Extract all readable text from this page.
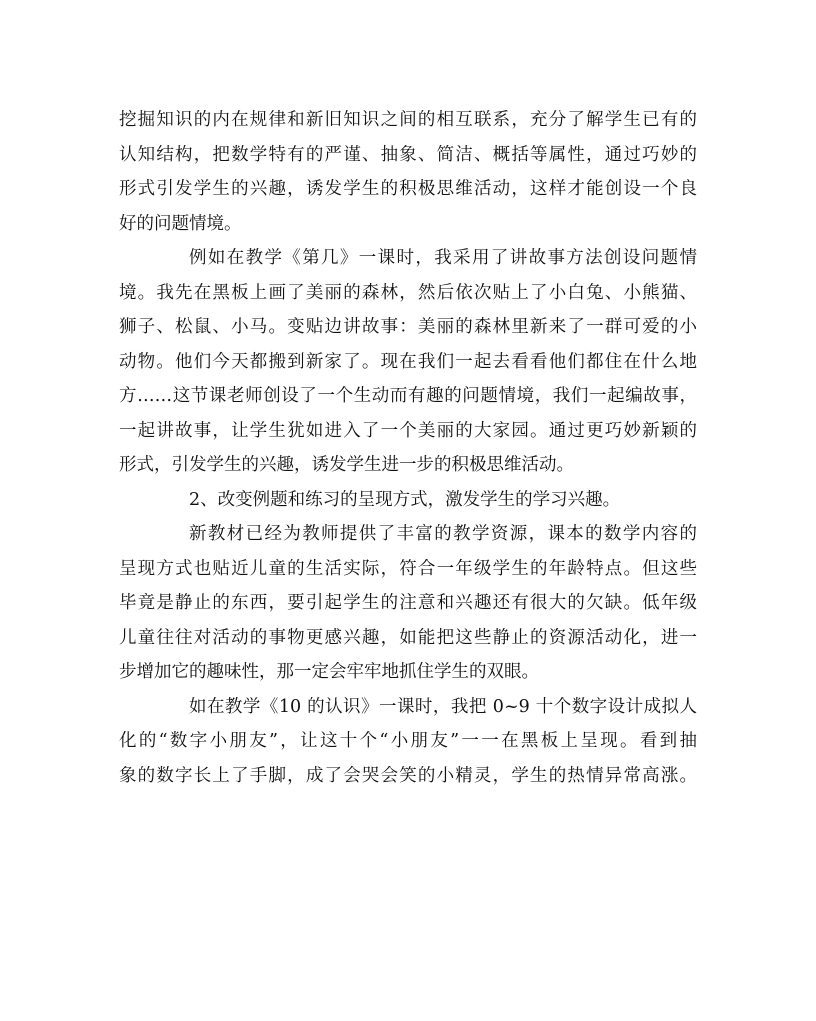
挖掘知识的内在规律和新旧知识之间的相互联系，充分了解学生已有的
认知结构，把数学特有的严谨、抽象、简洁、概括等属性，通过巧妙的
形式引发学生的兴趣，诱发学生的积极思维活动，这样才能创设一个良
好的问题情境。
例如在教学《第几》一课时，我采用了讲故事方法创设问题情
境。我先在黑板上画了美丽的森林，然后依次贴上了小白兔、小熊猫、
狮子、松鼠、小马。变贴边讲故事：美丽的森林里新来了一群可爱的小
动物。他们今天都搬到新家了。现在我们一起去看看他们都住在什么地
方……这节课老师创设了一个生动而有趣的问题情境，我们一起编故事，
一起讲故事，让学生犹如进入了一个美丽的大家园。通过更巧妙新颖的
形式，引发学生的兴趣，诱发学生进一步的积极思维活动。
2、改变例题和练习的呈现方式，激发学生的学习兴趣。
新教材已经为教师提供了丰富的教学资源，课本的数学内容的
呈现方式也贴近儿童的生活实际，符合一年级学生的年龄特点。但这些
毕竟是静止的东西，要引起学生的注意和兴趣还有很大的欠缺。低年级
儿童往往对活动的事物更感兴趣，如能把这些静止的资源活动化，进一
步增加它的趣味性，那一定会牢牢地抓住学生的双眼。
如在教学《10 的认识》一课时，我把 0~9 十个数字设计成拟人
化的“数字小朋友”，让这十个“小朋友”一一在黑板上呈现。看到抽
象的数字长上了手脚，成了会哭会笑的小精灵，学生的热情异常高涨。
